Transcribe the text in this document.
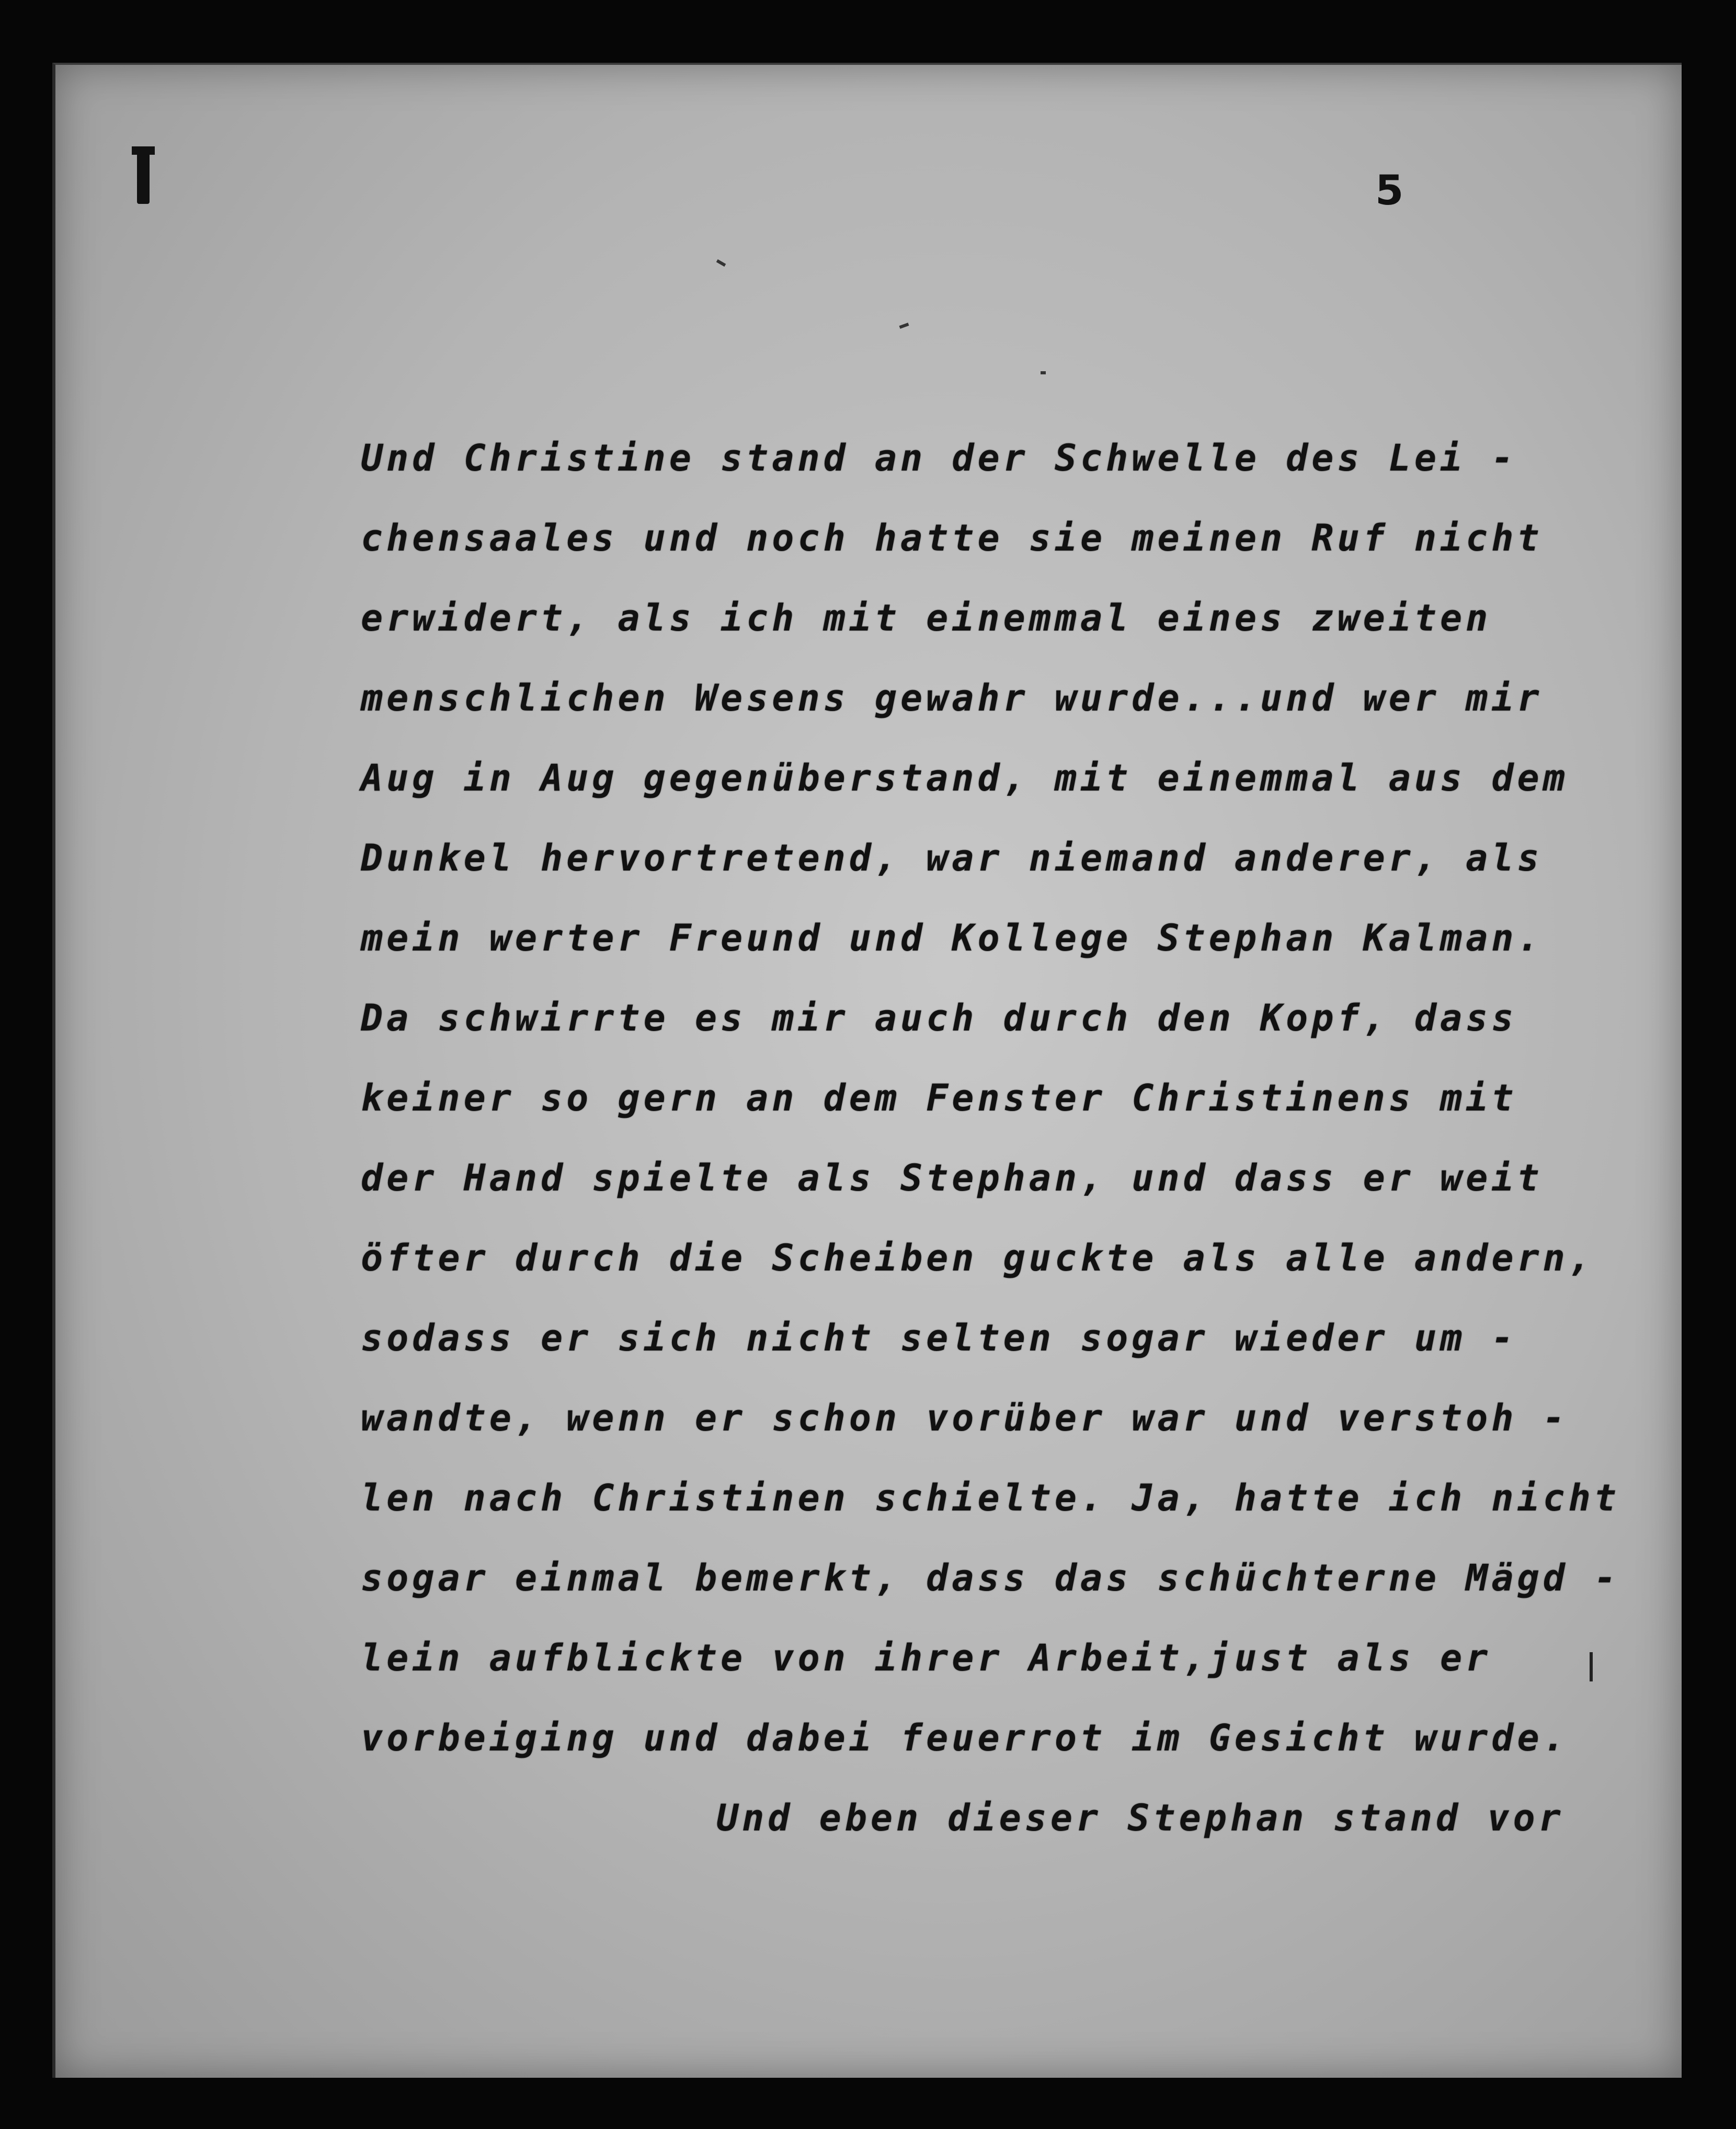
5
Und Christine stand an der Schwelle des Lei -
chensaales und noch hatte sie meinen Ruf nicht
erwidert, als ich mit einemmal eines zweiten
menschlichen Wesens gewahr wurde...und wer mir
Aug in Aug gegenüberstand, mit einemmal aus dem
Dunkel hervortretend, war niemand anderer, als
mein werter Freund und Kollege Stephan Kalman.
Da schwirrte es mir auch durch den Kopf, dass
keiner so gern an dem Fenster Christinens mit
der Hand spielte als Stephan, und dass er weit
öfter durch die Scheiben guckte als alle andern,
sodass er sich nicht selten sogar wieder um -
wandte, wenn er schon vorüber war und verstoh -
len nach Christinen schielte. Ja, hatte ich nicht
sogar einmal bemerkt, dass das schüchterne Mägd -
lein aufblickte von ihrer Arbeit,just als er
vorbeiging und dabei feuerrot im Gesicht wurde.
Und eben dieser Stephan stand vor
